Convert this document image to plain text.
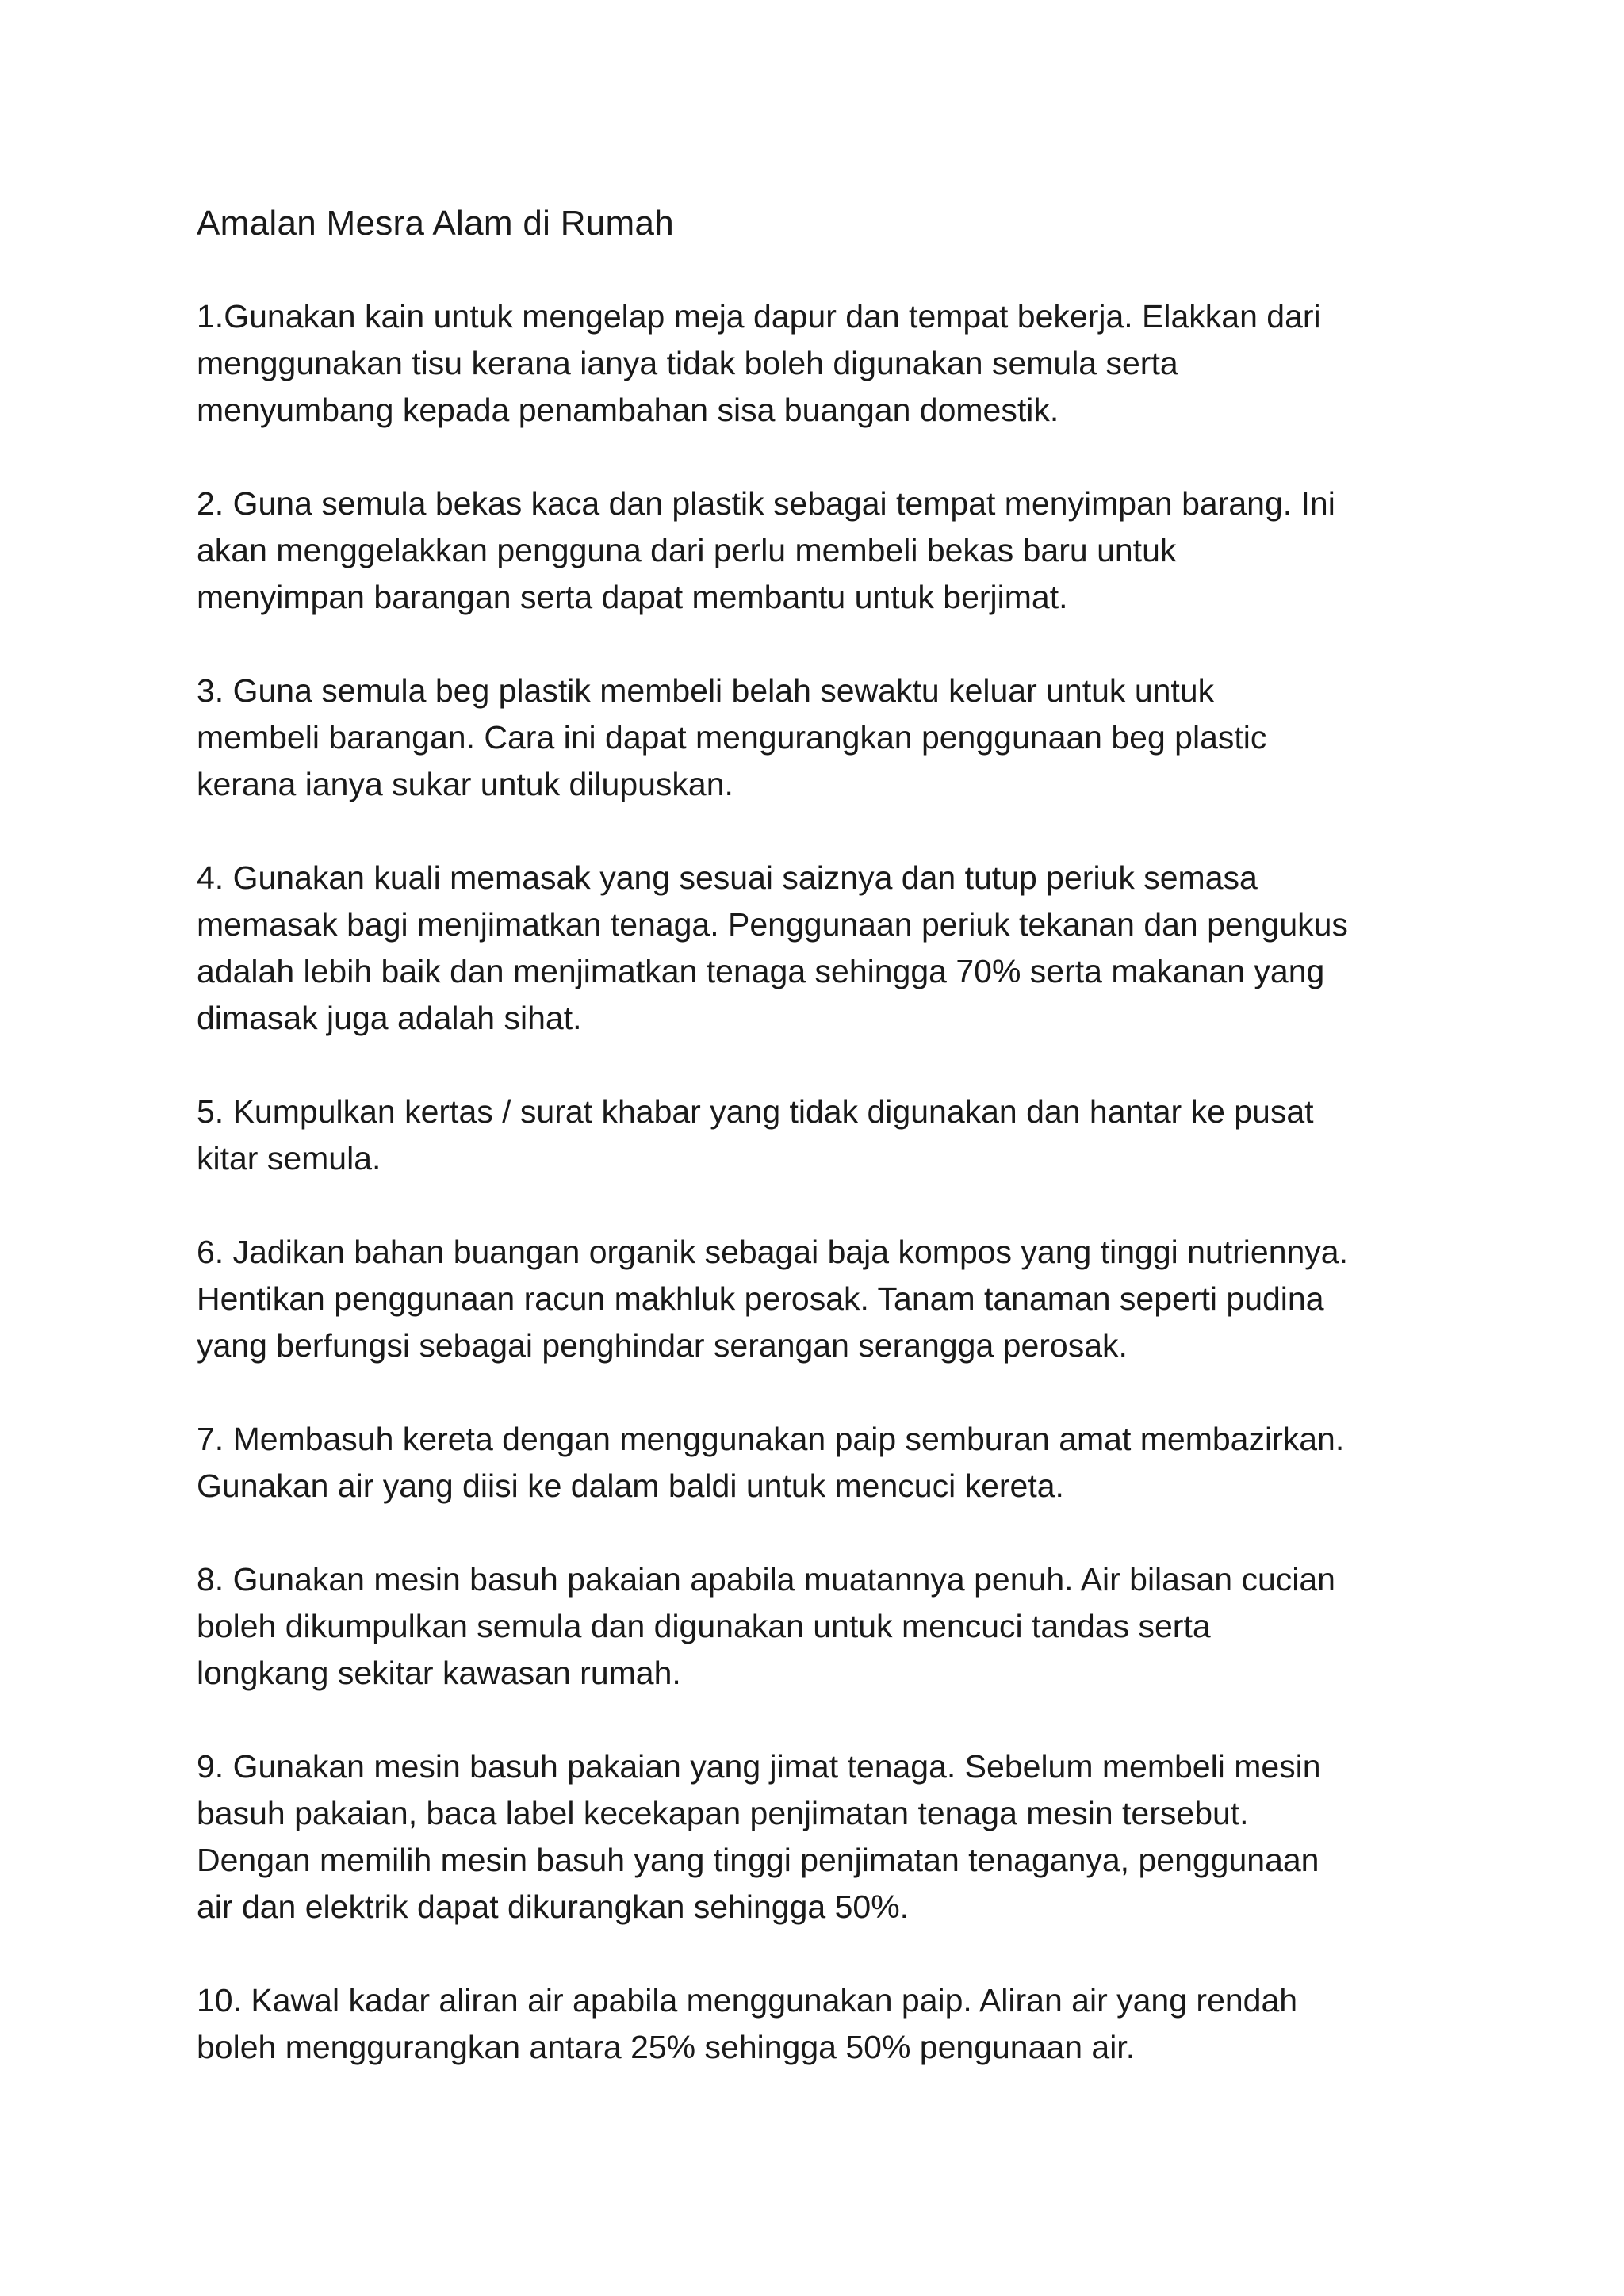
Amalan Mesra Alam di Rumah

1.Gunakan kain untuk mengelap meja dapur dan tempat bekerja. Elakkan dari
menggunakan tisu kerana ianya tidak boleh digunakan semula serta
menyumbang kepada penambahan sisa buangan domestik.

2. Guna semula bekas kaca dan plastik sebagai tempat menyimpan barang. Ini
akan menggelakkan pengguna dari perlu membeli bekas baru untuk
menyimpan barangan serta dapat membantu untuk berjimat.

3. Guna semula beg plastik membeli belah sewaktu keluar untuk untuk
membeli barangan. Cara ini dapat mengurangkan penggunaan beg plastic
kerana ianya sukar untuk dilupuskan.

4. Gunakan kuali memasak yang sesuai saiznya dan tutup periuk semasa
memasak bagi menjimatkan tenaga. Penggunaan periuk tekanan dan pengukus
adalah lebih baik dan menjimatkan tenaga sehingga 70% serta makanan yang
dimasak juga adalah sihat.

5. Kumpulkan kertas / surat khabar yang tidak digunakan dan hantar ke pusat
kitar semula.

6. Jadikan bahan buangan organik sebagai baja kompos yang tinggi nutriennya.
Hentikan penggunaan racun makhluk perosak. Tanam tanaman seperti pudina
yang berfungsi sebagai penghindar serangan serangga perosak.

7. Membasuh kereta dengan menggunakan paip semburan amat membazirkan.
Gunakan air yang diisi ke dalam baldi untuk mencuci kereta.

8. Gunakan mesin basuh pakaian apabila muatannya penuh. Air bilasan cucian
boleh dikumpulkan semula dan digunakan untuk mencuci tandas serta
longkang sekitar kawasan rumah.

9. Gunakan mesin basuh pakaian yang jimat tenaga. Sebelum membeli mesin
basuh pakaian, baca label kecekapan penjimatan tenaga mesin tersebut.
Dengan memilih mesin basuh yang tinggi penjimatan tenaganya, penggunaan
air dan elektrik dapat dikurangkan sehingga 50%.

10. Kawal kadar aliran air apabila menggunakan paip. Aliran air yang rendah
boleh menggurangkan antara 25% sehingga 50% pengunaan air.
